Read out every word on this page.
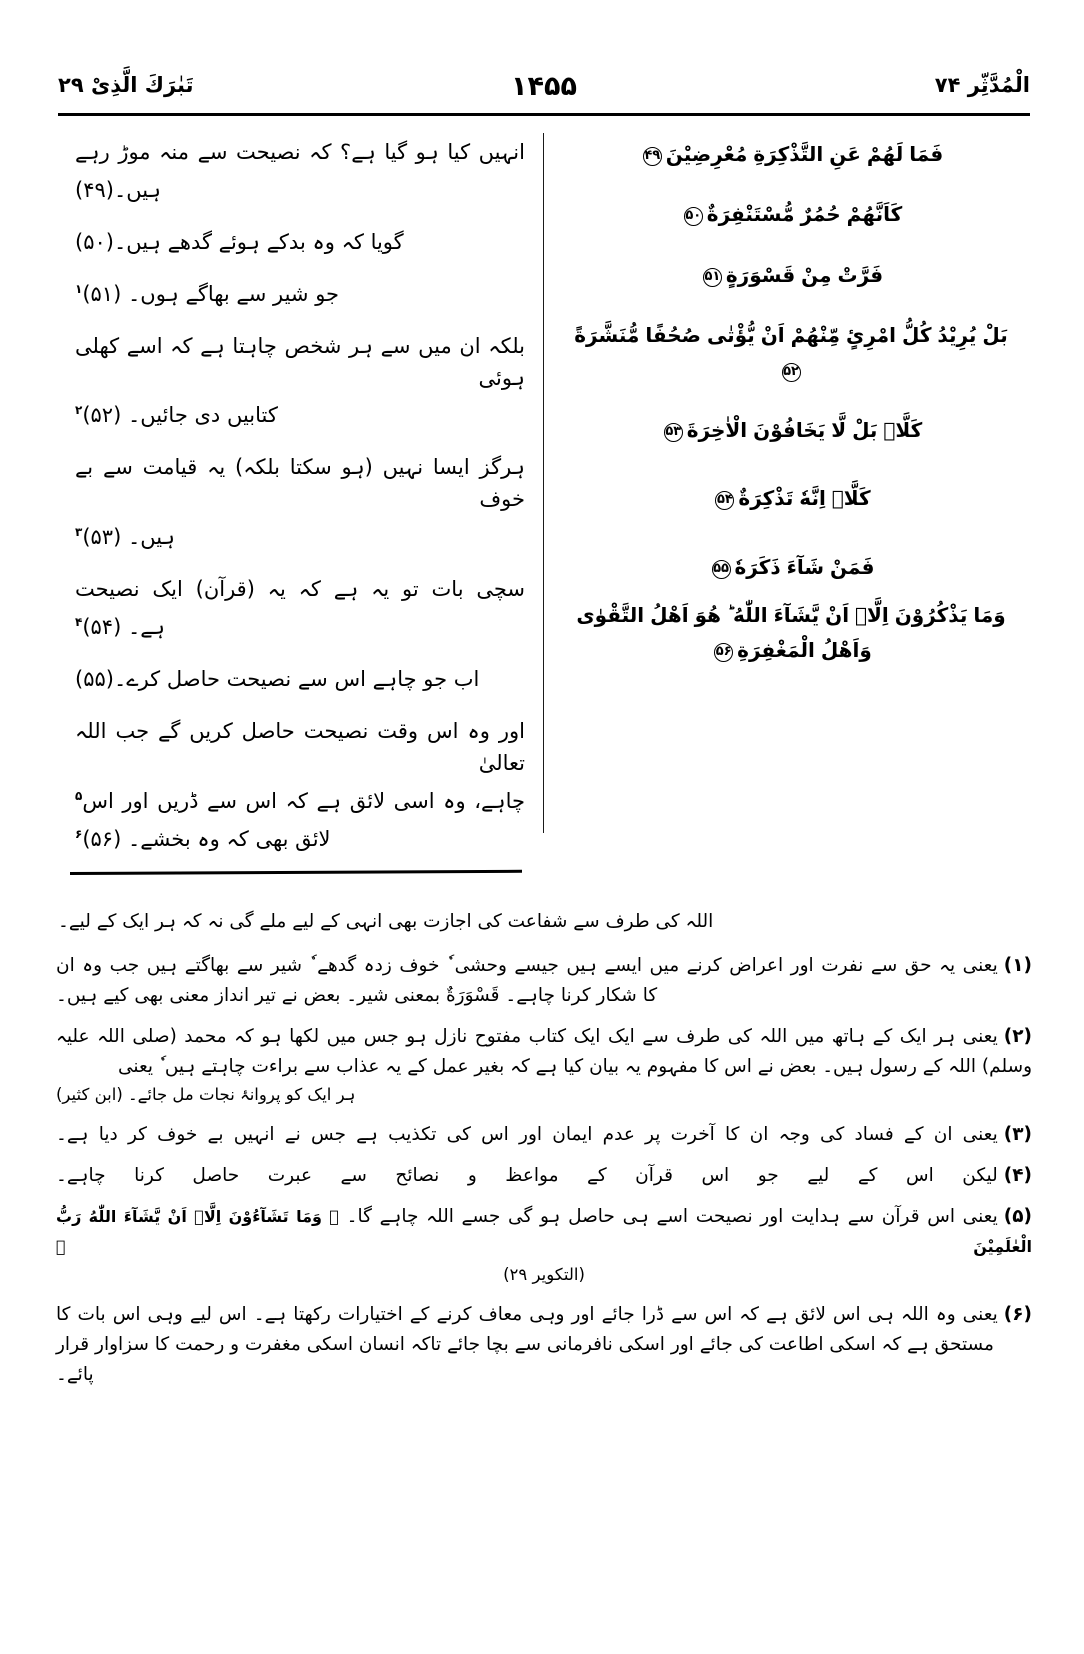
تَبٰرَكَ الَّذِیْ ۲۹	۱۴۵۵	الْمُدَّثِّر ۷۴

فَمَا لَهُمْ عَنِ التَّذْكِرَةِ مُعْرِضِیْنَ۴۹

كَاَنَّهُمْ حُمُرٌ مُّسْتَنْفِرَةٌ۵۰

فَرَّتْ مِنْ قَسْوَرَةٍ۵۱

بَلْ یُرِیْدُ كُلُّ امْرِئٍ مِّنْهُمْ اَنْ یُّؤْتٰى صُحُفًا مُّنَشَّرَةً۵۲

كَلَّاۭ بَلْ لَّا یَخَافُوْنَ الْاٰخِرَةَ۵۳

كَلَّاۤ اِنَّهٗ تَذْكِرَةٌ۵۴

فَمَنْ شَآءَ ذَكَرَهٗ۵۵

وَمَا یَذْكُرُوْنَ اِلَّاۤ اَنْ یَّشَآءَ اللّٰهُ ؕ هُوَ اَهْلُ التَّقْوٰى وَاَهْلُ الْمَغْفِرَةِ۵۶

انہیں کیا ہو گیا ہے؟ کہ نصیحت سے منہ موڑ رہے

ہیں۔(۴۹)

گویا کہ وہ بدکے ہوئے گدھے ہیں۔(۵۰)

جو شیر سے بھاگے ہوں۔ (۵۱)$^۱$

بلکہ ان میں سے ہر شخص چاہتا ہے کہ اسے کھلی ہوئی

کتابیں دی جائیں۔ (۵۲)$^۲$

ہرگز ایسا نہیں (ہو سکتا بلکہ) یہ قیامت سے بے خوف

ہیں۔ (۵۳)$^۳$

سچی بات تو یہ ہے کہ یہ (قرآن) ایک نصیحت

ہے۔ (۵۴)$^۴$

اب جو چاہے اس سے نصیحت حاصل کرے۔(۵۵)

اور وہ اس وقت نصیحت حاصل کریں گے جب اللہ تعالیٰ

چاہے، وہ اسی لائق ہے کہ اس سے ڈریں اور اس$^۵$

لائق بھی کہ وہ بخشے۔ (۵۶)$^۶$

اللہ کی طرف سے شفاعت کی اجازت بھی انہی کے لیے ملے گی نہ کہ ہر ایک کے لیے۔

(۱)یعنی یہ حق سے نفرت اور اعراض کرنے میں ایسے ہیں جیسے وحشی ٗ خوف زدہ گدھے ٗ شیر سے بھاگتے ہیں جب وہ ان
کا شکار کرنا چاہے۔ قَسْوَرَةٌ بمعنی شیر۔ بعض نے تیر انداز معنی بھی کیے ہیں۔
(۲)یعنی ہر ایک کے ہاتھ میں اللہ کی طرف سے ایک ایک کتاب مفتوح نازل ہو جس میں لکھا ہو کہ محمد (صلی اللہ علیہ
وسلم) اللہ کے رسول ہیں۔ بعض نے اس کا مفہوم یہ بیان کیا ہے کہ بغیر عمل کے یہ عذاب سے براءت چاہتے ہیں ٗ یعنی
ہر ایک کو پروانۂ نجات مل جائے۔ (ابن کثیر)
(۳)یعنی ان کے فساد کی وجہ ان کا آخرت پر عدم ایمان اور اس کی تکذیب ہے جس نے انہیں بے خوف کر دیا ہے۔
(۴)لیکن اس کے لیے جو اس قرآن کے مواعظ و نصائح سے عبرت حاصل کرنا چاہے۔
(۵)یعنی اس قرآن سے ہدایت اور نصیحت اسے ہی حاصل ہو گی جسے اللہ چاہے گا۔ ﴿ وَمَا تَشَآءُوْنَ اِلَّاۤ اَنْ یَّشَآءَ اللّٰهُ رَبُّ الْعٰلَمِیْنَ ﴾
(التکویر ٢٩)
(۶)یعنی وہ اللہ ہی اس لائق ہے کہ اس سے ڈرا جائے اور وہی معاف کرنے کے اختیارات رکھتا ہے۔ اس لیے وہی اس بات کا
مستحق ہے کہ اسکی اطاعت کی جائے اور اسکی نافرمانی سے بچا جائے تاکہ انسان اسکی مغفرت و رحمت کا سزاوار قرار پائے۔
